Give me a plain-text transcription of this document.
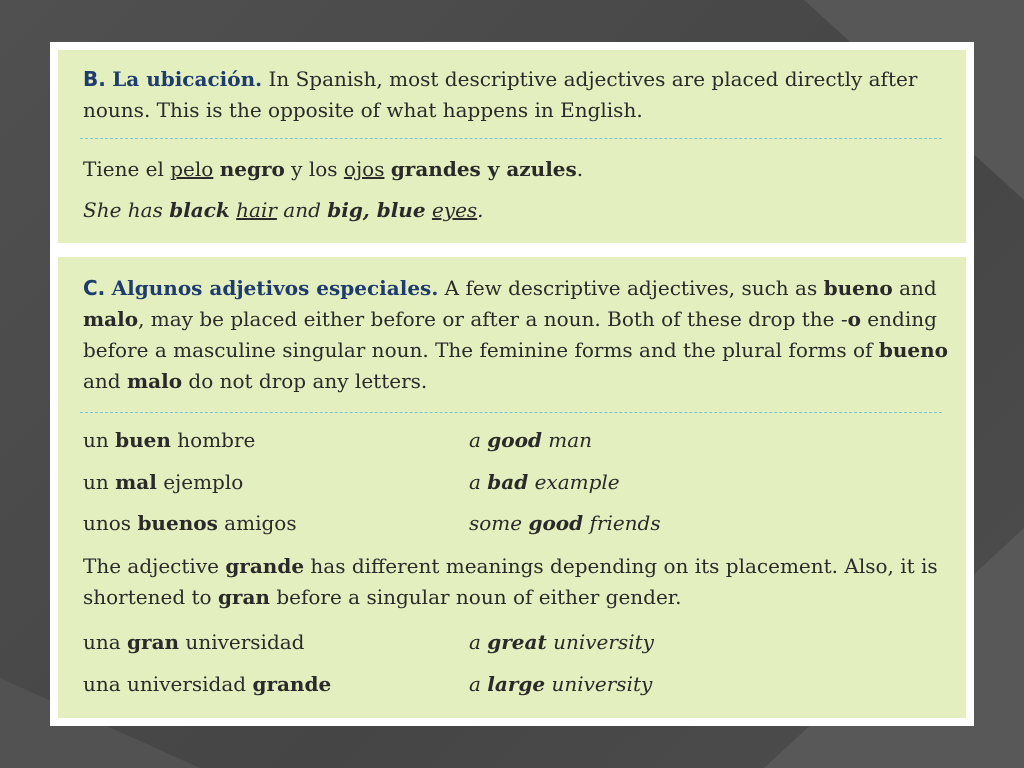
B. La ubicación. In Spanish, most descriptive adjectives are placed directly after nouns. This is the opposite of what happens in English.

Tiene el pelo negro y los ojos grandes y azules.

She has black hair and big, blue eyes.

C. Algunos adjetivos especiales. A few descriptive adjectives, such as bueno and malo, may be placed either before or after a noun. Both of these drop the -o ending before a masculine singular noun. The feminine forms and the plural forms of bueno and malo do not drop any letters.

un buen hombre	a good man
un mal ejemplo	a bad example
unos buenos amigos	some good friends

The adjective grande has different meanings depending on its placement. Also, it is shortened to gran before a singular noun of either gender.

una gran universidad	a great university
una universidad grande	a large university
